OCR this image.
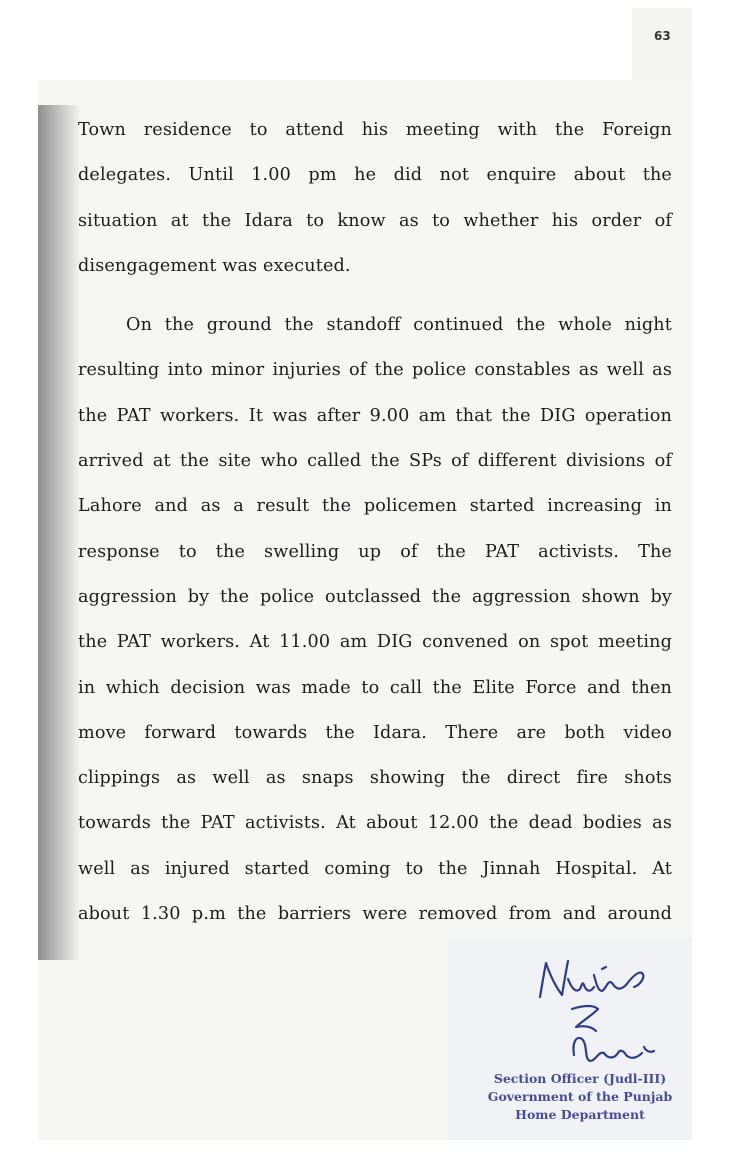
63
Town residence to attend his meeting with the Foreign
delegates. Until 1.00 pm he did not enquire about the
situation at the Idara to know as to whether his order of
disengagement was executed.
On the ground the standoff continued the whole night
resulting into minor injuries of the police constables as well as
the PAT workers. It was after 9.00 am that the DIG operation
arrived at the site who called the SPs of different divisions of
Lahore and as a result the policemen started increasing in
response to the swelling up of the PAT activists. The
aggression by the police outclassed the aggression shown by
the PAT workers. At 11.00 am DIG convened on spot meeting
in which decision was made to call the Elite Force and then
move forward towards the Idara. There are both video
clippings as well as snaps showing the direct fire shots
towards the PAT activists. At about 12.00 the dead bodies as
well as injured started coming to the Jinnah Hospital. At
about 1.30 p.m the barriers were removed from and around
Section Officer (Judl-III)
Government of the Punjab
Home Department
